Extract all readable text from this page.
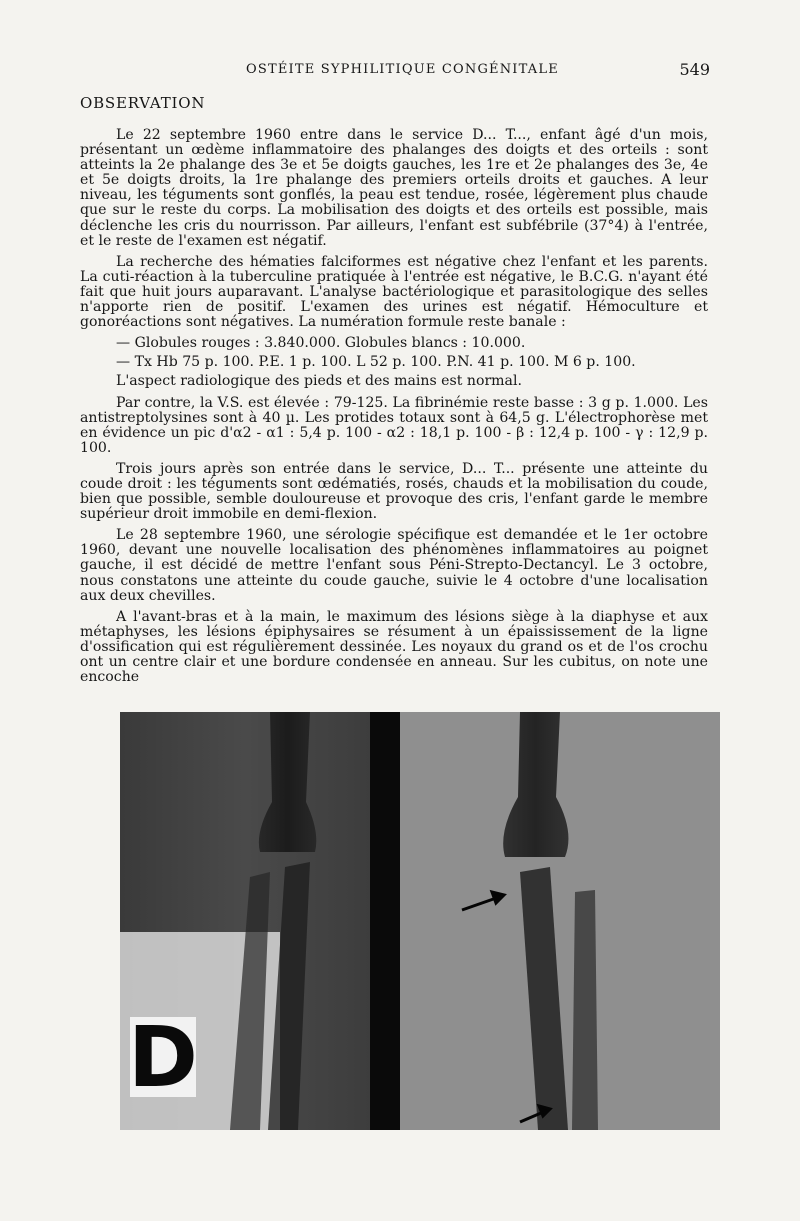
OSTÉITE SYPHILITIQUE CONGÉNITALE	549
OBSERVATION

Le 22 septembre 1960 entre dans le service D... T..., enfant âgé d'un mois, présentant un œdème inflammatoire des phalanges des doigts et des orteils : sont atteints la 2e phalange des 3e et 5e doigts gauches, les 1re et 2e phalanges des 3e, 4e et 5e doigts droits, la 1re phalange des premiers orteils droits et gauches. A leur niveau, les téguments sont gonflés, la peau est tendue, rosée, légèrement plus chaude que sur le reste du corps. La mobilisation des doigts et des orteils est possible, mais déclenche les cris du nourrisson. Par ailleurs, l'enfant est subfébrile (37°4) à l'entrée, et le reste de l'examen est négatif.

La recherche des hématies falciformes est négative chez l'enfant et les parents. La cuti-réaction à la tuberculine pratiquée à l'entrée est négative, le B.C.G. n'ayant été fait que huit jours auparavant. L'analyse bactériologique et parasitologique des selles n'apporte rien de positif. L'examen des urines est négatif. Hémoculture et gonoréactions sont négatives. La numération formule reste banale :

— Globules rouges : 3.840.000. Globules blancs : 10.000.

— Tx Hb 75 p. 100. P.E. 1 p. 100. L 52 p. 100. P.N. 41 p. 100. M 6 p. 100.

L'aspect radiologique des pieds et des mains est normal.

Par contre, la V.S. est élevée : 79-125. La fibrinémie reste basse : 3 g p. 1.000. Les antistreptolysines sont à 40 µ. Les protides totaux sont à 64,5 g. L'électrophorèse met en évidence un pic d'α2 - α1 : 5,4 p. 100 - α2 : 18,1 p. 100 - β : 12,4 p. 100 - γ : 12,9 p. 100.

Trois jours après son entrée dans le service, D... T... présente une atteinte du coude droit : les téguments sont œdématiés, rosés, chauds et la mobilisation du coude, bien que possible, semble douloureuse et provoque des cris, l'enfant garde le membre supérieur droit immobile en demi-flexion.

Le 28 septembre 1960, une sérologie spécifique est demandée et le 1er octobre 1960, devant une nouvelle localisation des phénomènes inflammatoires au poignet gauche, il est décidé de mettre l'enfant sous Péni-Strepto-Dectancyl. Le 3 octobre, nous constatons une atteinte du coude gauche, suivie le 4 octobre d'une localisation aux deux chevilles.

A l'avant-bras et à la main, le maximum des lésions siège à la diaphyse et aux métaphyses, les lésions épiphysaires se résument à un épaississement de la ligne d'ossification qui est régulièrement dessinée. Les noyaux du grand os et de l'os crochu ont un centre clair et une bordure condensée en anneau. Sur les cubitus, on note une encoche

D
